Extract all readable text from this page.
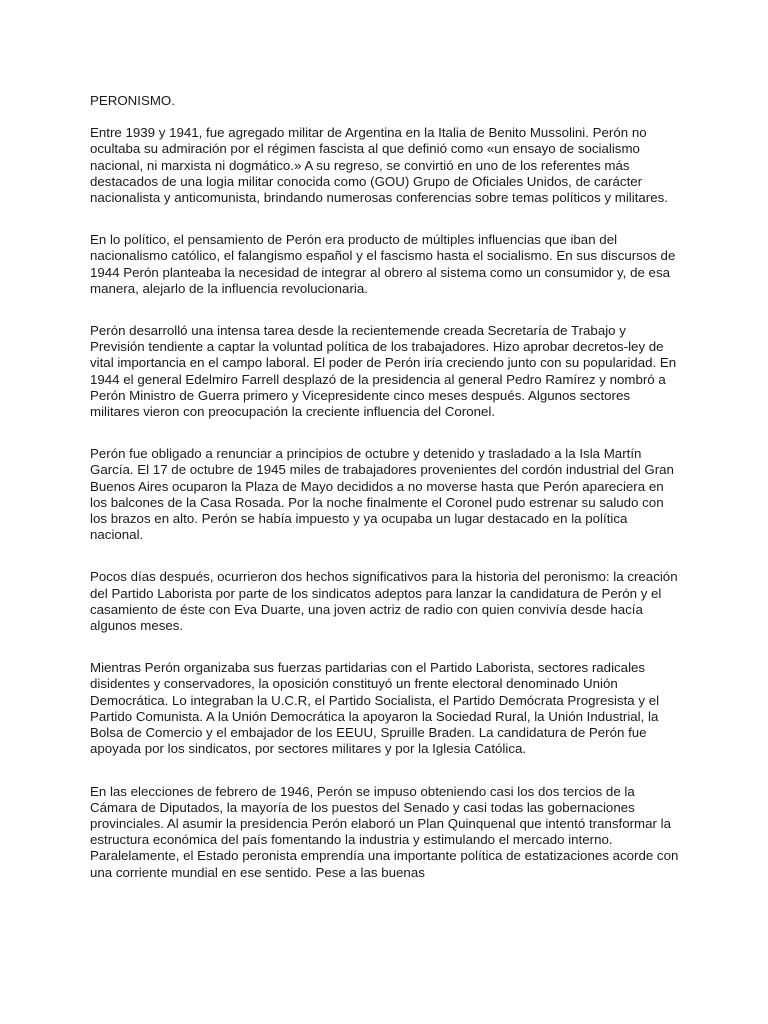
PERONISMO.

Entre 1939 y 1941, fue agregado militar de Argentina en la Italia de Benito Mussolini. Perón no ocultaba su admiración por el régimen fascista al que definió como «un ensayo de socialismo nacional, ni marxista ni dogmático.» A su regreso, se convirtió en uno de los referentes más destacados de una logia militar conocida como (GOU) Grupo de Oficiales Unidos, de carácter nacionalista y anticomunista, brindando numerosas conferencias sobre temas políticos y militares.

En lo político, el pensamiento de Perón era producto de múltiples influencias que iban del nacionalismo católico, el falangismo español y el fascismo hasta el socialismo. En sus discursos de 1944 Perón planteaba la necesidad de integrar al obrero al sistema como un consumidor y, de esa manera, alejarlo de la influencia revolucionaria.

Perón desarrolló una intensa tarea desde la recientemende creada Secretaría de Trabajo y Previsión tendiente a captar la voluntad política de los trabajadores. Hizo aprobar decretos-ley de vital importancia en el campo laboral. El poder de Perón iría creciendo junto con su popularidad. En 1944 el general Edelmiro Farrell desplazó de la presidencia al general Pedro Ramírez y nombró a Perón Ministro de Guerra primero y Vicepresidente cinco meses después. Algunos sectores militares vieron con preocupación la creciente influencia del Coronel.

Perón fue obligado a renunciar a principios de octubre y detenido y trasladado a la Isla Martín García. El 17 de octubre de 1945 miles de trabajadores provenientes del cordón industrial del Gran Buenos Aires ocuparon la Plaza de Mayo decididos a no moverse hasta que Perón apareciera en los balcones de la Casa Rosada. Por la noche finalmente el Coronel pudo estrenar su saludo con los brazos en alto. Perón se había impuesto y ya ocupaba un lugar destacado en la política nacional.

Pocos días después, ocurrieron dos hechos significativos para la historia del peronismo: la creación del Partido Laborista por parte de los sindicatos adeptos para lanzar la candidatura de Perón y el casamiento de éste con Eva Duarte, una joven actriz de radio con quien convivía desde hacía algunos meses.

Mientras Perón organizaba sus fuerzas partidarias con el Partido Laborista, sectores radicales disidentes y conservadores, la oposición constituyó un frente electoral denominado Unión Democrática. Lo integraban la U.C.R, el Partido Socialista, el Partido Demócrata Progresista y el Partido Comunista. A la Unión Democrática la apoyaron la Sociedad Rural, la Unión Industrial, la Bolsa de Comercio y el embajador de los EEUU, Spruille Braden. La candidatura de Perón fue apoyada por los sindicatos, por sectores militares y por la Iglesia Católica.

En las elecciones de febrero de 1946, Perón se impuso obteniendo casi los dos tercios de la Cámara de Diputados, la mayoría de los puestos del Senado y casi todas las gobernaciones provinciales. Al asumir la presidencia Perón elaboró un Plan Quinquenal que intentó transformar la estructura económica del país fomentando la industria y estimulando el mercado interno. Paralelamente, el Estado peronista emprendía una importante política de estatizaciones acorde con una corriente mundial en ese sentido. Pese a las buenas
